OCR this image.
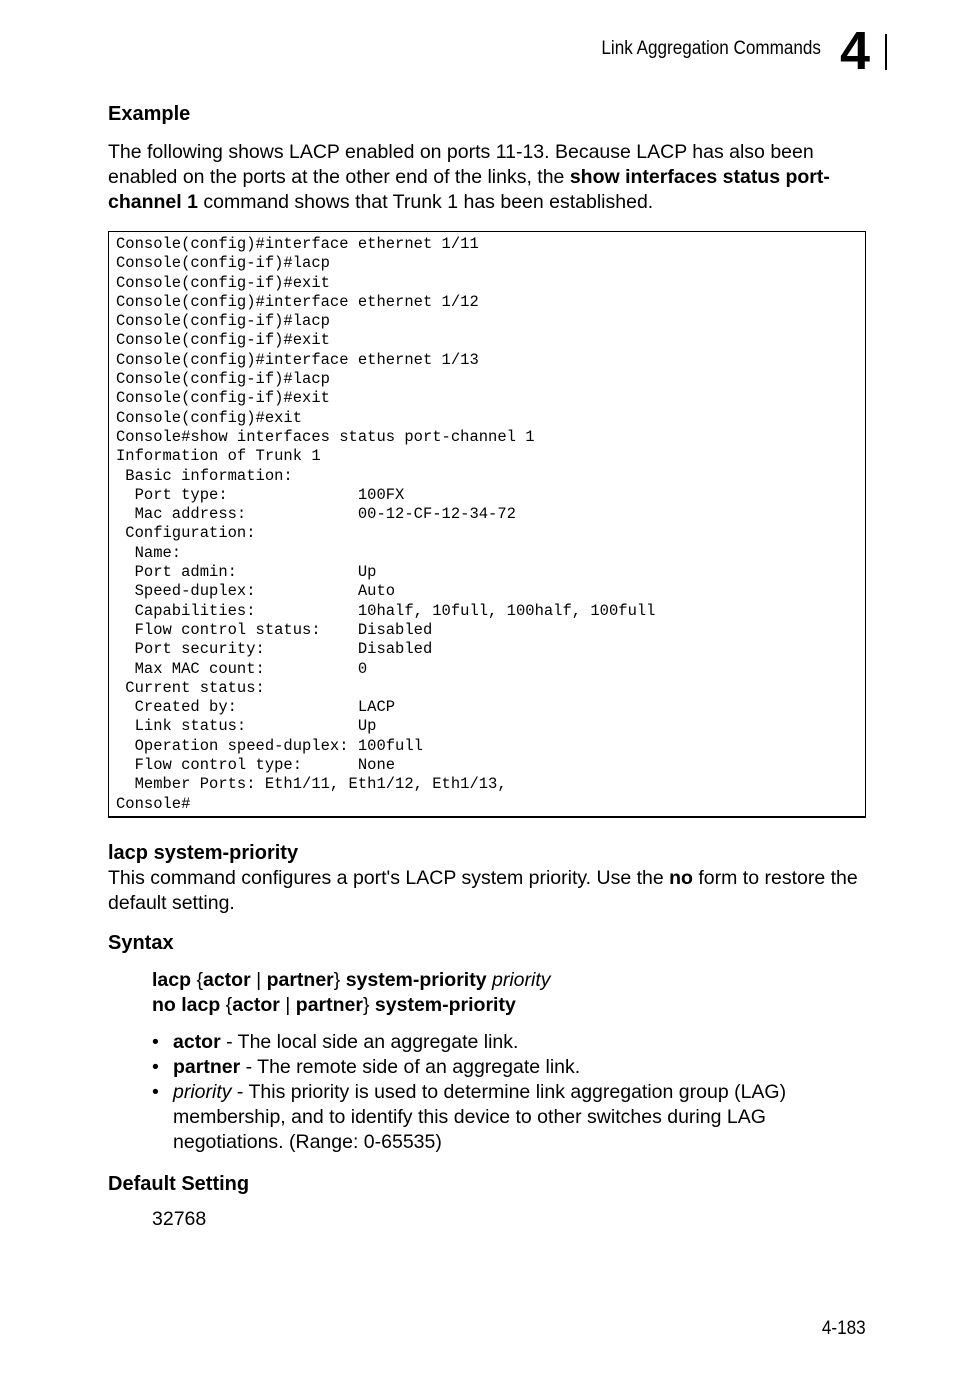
Link Aggregation Commands 4
Example
The following shows LACP enabled on ports 11-13. Because LACP has also been enabled on the ports at the other end of the links, the show interfaces status port-channel 1 command shows that Trunk 1 has been established.
Console(config)#interface ethernet 1/11
Console(config-if)#lacp
Console(config-if)#exit
Console(config)#interface ethernet 1/12
Console(config-if)#lacp
Console(config-if)#exit
Console(config)#interface ethernet 1/13
Console(config-if)#lacp
Console(config-if)#exit
Console(config)#exit
Console#show interfaces status port-channel 1
Information of Trunk 1
Basic information:
Port type:              100FX
Mac address:            00-12-CF-12-34-72
Configuration:
Name:
Port admin:             Up
Speed-duplex:           Auto
Capabilities:           10half, 10full, 100half, 100full
Flow control status:    Disabled
Port security:          Disabled
Max MAC count:          0
Current status:
Created by:             LACP
Link status:            Up
Operation speed-duplex: 100full
Flow control type:      None
Member Ports: Eth1/11, Eth1/12, Eth1/13,
Console#
lacp system-priority
This command configures a port's LACP system priority. Use the no form to restore the default setting.
Syntax
lacp {actor | partner} system-priority priority
no lacp {actor | partner} system-priority
• actor - The local side an aggregate link.
• partner - The remote side of an aggregate link.
• priority - This priority is used to determine link aggregation group (LAG) membership, and to identify this device to other switches during LAG negotiations. (Range: 0-65535)
Default Setting
32768
4-183
